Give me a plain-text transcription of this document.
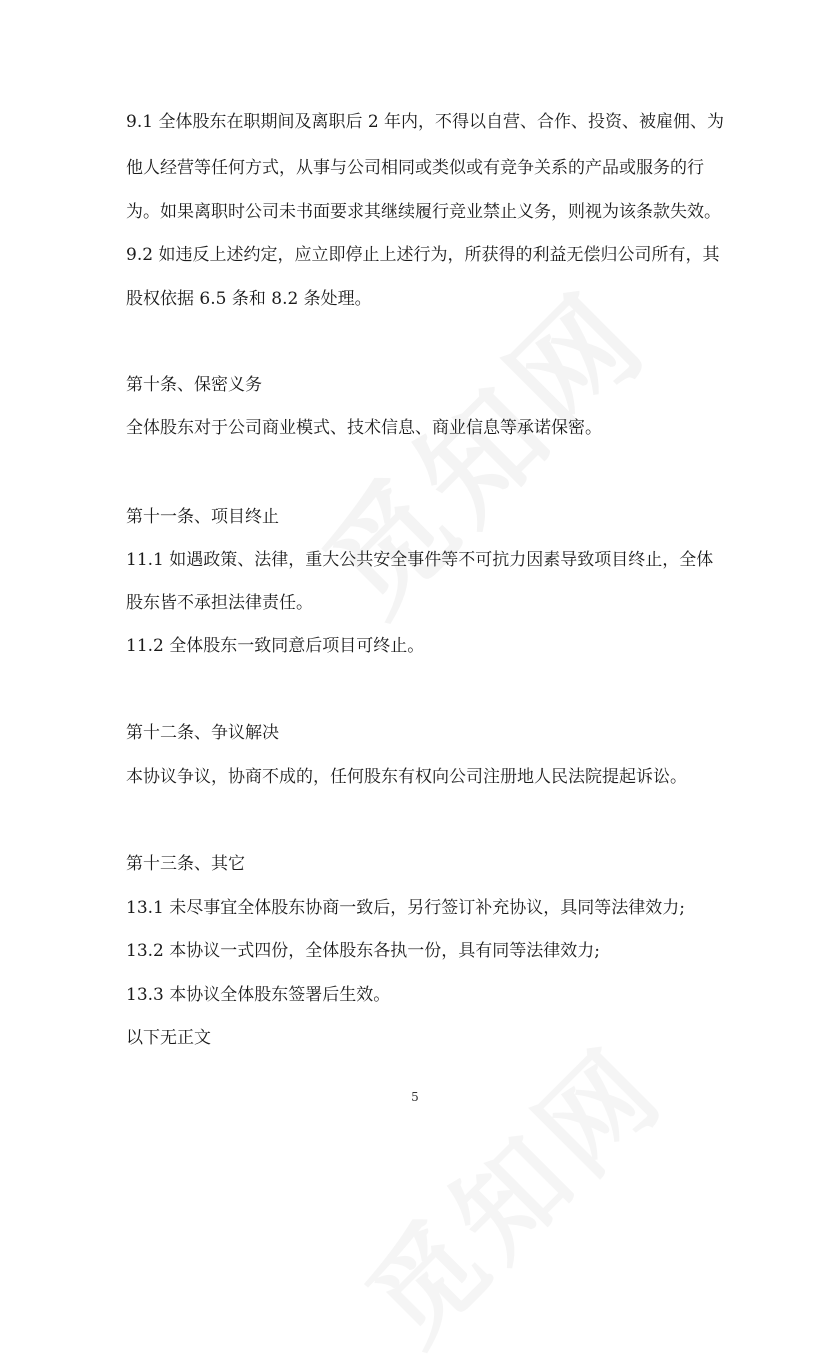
9.1 全体股东在职期间及离职后 2 年内，不得以自营、合作、投资、被雇佣、为
他人经营等任何方式，从事与公司相同或类似或有竞争关系的产品或服务的行
为。如果离职时公司未书面要求其继续履行竞业禁止义务，则视为该条款失效。
9.2 如违反上述约定，应立即停止上述行为，所获得的利益无偿归公司所有，其
股权依据 6.5 条和 8.2 条处理。
第十条、保密义务
全体股东对于公司商业模式、技术信息、商业信息等承诺保密。
第十一条、项目终止
11.1 如遇政策、法律，重大公共安全事件等不可抗力因素导致项目终止，全体
股东皆不承担法律责任。
11.2 全体股东一致同意后项目可终止。
第十二条、争议解决
本协议争议，协商不成的，任何股东有权向公司注册地人民法院提起诉讼。
第十三条、其它
13.1 未尽事宜全体股东协商一致后，另行签订补充协议，具同等法律效力;
13.2 本协议一式四份，全体股东各执一份，具有同等法律效力;
13.3 本协议全体股东签署后生效。
以下无正文
5
